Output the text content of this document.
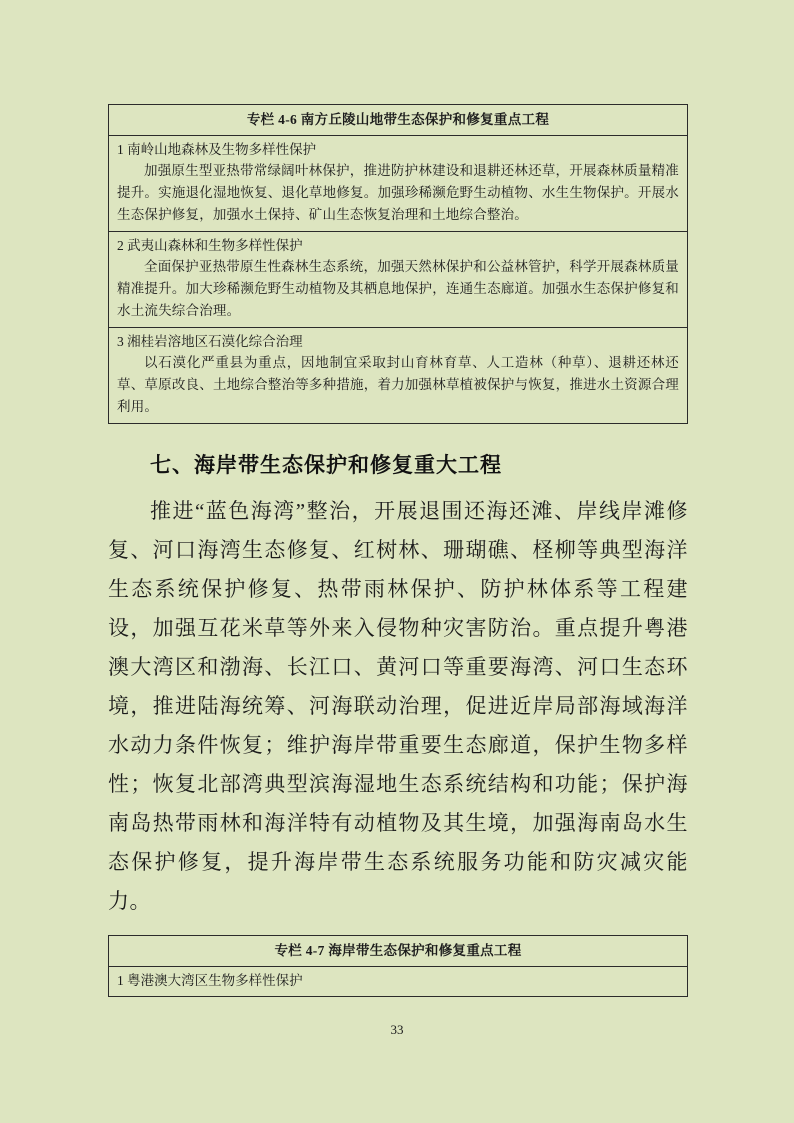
专栏 4-6 南方丘陵山地带生态保护和修复重点工程
1 南岭山地森林及生物多样性保护
加强原生型亚热带常绿阔叶林保护，推进防护林建设和退耕还林还草，开展森林质量精准提升。实施退化湿地恢复、退化草地修复。加强珍稀濒危野生动植物、水生生物保护。开展水生态保护修复，加强水土保持、矿山生态恢复治理和土地综合整治。
2 武夷山森林和生物多样性保护
全面保护亚热带原生性森林生态系统，加强天然林保护和公益林管护，科学开展森林质量精准提升。加大珍稀濒危野生动植物及其栖息地保护，连通生态廊道。加强水生态保护修复和水土流失综合治理。
3 湘桂岩溶地区石漠化综合治理
以石漠化严重县为重点，因地制宜采取封山育林育草、人工造林（种草）、退耕还林还草、草原改良、土地综合整治等多种措施，着力加强林草植被保护与恢复，推进水土资源合理利用。
七、海岸带生态保护和修复重大工程

推进“蓝色海湾”整治，开展退围还海还滩、岸线岸滩修复、河口海湾生态修复、红树林、珊瑚礁、柽柳等典型海洋生态系统保护修复、热带雨林保护、防护林体系等工程建设，加强互花米草等外来入侵物种灾害防治。重点提升粤港澳大湾区和渤海、长江口、黄河口等重要海湾、河口生态环境，推进陆海统筹、河海联动治理，促进近岸局部海域海洋水动力条件恢复；维护海岸带重要生态廊道，保护生物多样性；恢复北部湾典型滨海湿地生态系统结构和功能；保护海南岛热带雨林和海洋特有动植物及其生境，加强海南岛水生态保护修复，提升海岸带生态系统服务功能和防灾减灾能力。

专栏 4-7 海岸带生态保护和修复重点工程
1 粤港澳大湾区生物多样性保护
33
